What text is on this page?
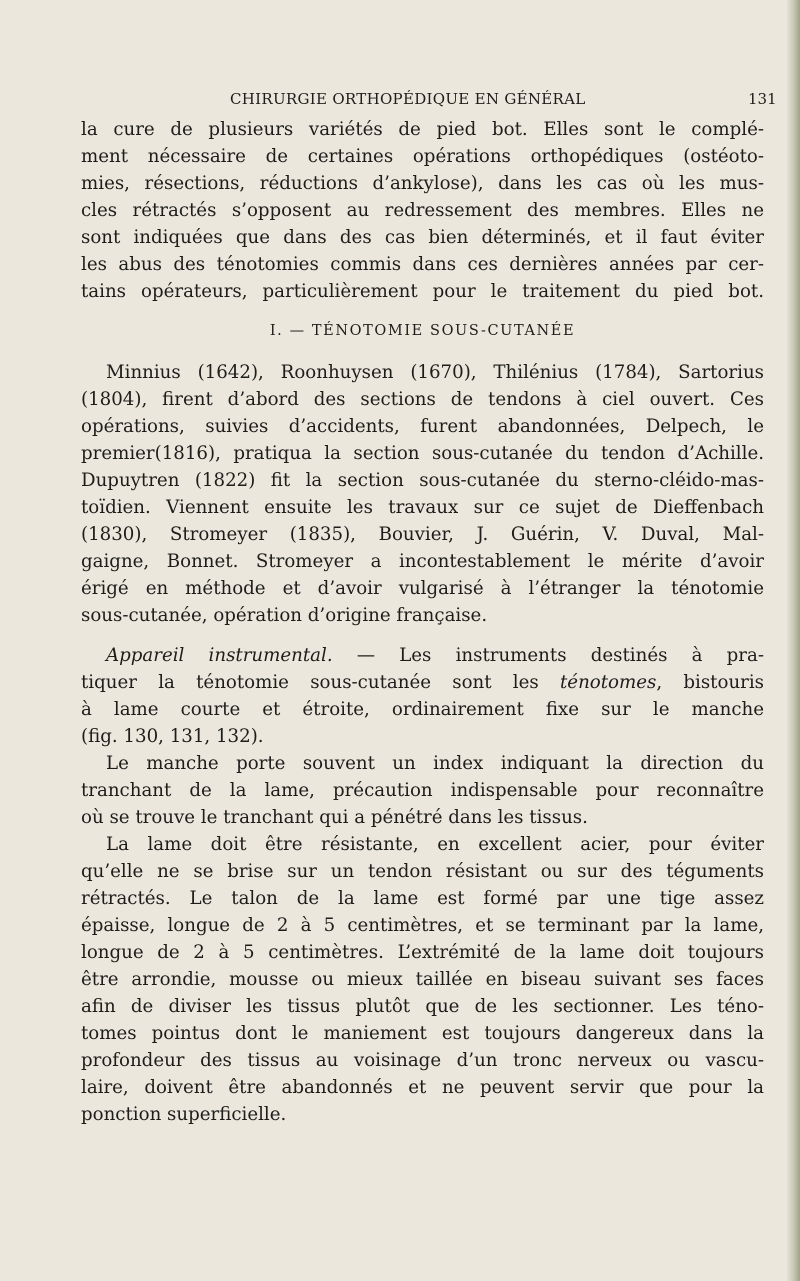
CHIRURGIE ORTHOPÉDIQUE EN GÉNÉRAL	131
la cure de plusieurs variétés de pied bot. Elles sont le complé-
ment nécessaire de certaines opérations orthopédiques (ostéoto-
mies, résections, réductions d’ankylose), dans les cas où les mus-
cles rétractés s’opposent au redressement des membres. Elles ne
sont indiquées que dans des cas bien déterminés, et il faut éviter
les abus des ténotomies commis dans ces dernières années par cer-
tains opérateurs, particulièrement pour le traitement du pied bot.
I. — TÉNOTOMIE SOUS-CUTANÉE
Minnius (1642), Roonhuysen (1670), Thilénius (1784), Sartorius
(1804), firent d’abord des sections de tendons à ciel ouvert. Ces
opérations, suivies d’accidents, furent abandonnées, Delpech, le
premier(1816), pratiqua la section sous-cutanée du tendon d’Achille.
Dupuytren (1822) fit la section sous-cutanée du sterno-cléido-mas-
toïdien. Viennent ensuite les travaux sur ce sujet de Dieffenbach
(1830), Stromeyer (1835), Bouvier, J. Guérin, V. Duval, Mal-
gaigne, Bonnet. Stromeyer a incontestablement le mérite d’avoir
érigé en méthode et d’avoir vulgarisé à l’étranger la ténotomie
sous-cutanée, opération d’origine française.
Appareil instrumental. — Les instruments destinés à pra-
tiquer la ténotomie sous-cutanée sont les ténotomes, bistouris
à lame courte et étroite, ordinairement fixe sur le manche
(fig. 130, 131, 132).
Le manche porte souvent un index indiquant la direction du
tranchant de la lame, précaution indispensable pour reconnaître
où se trouve le tranchant qui a pénétré dans les tissus.
La lame doit être résistante, en excellent acier, pour éviter
qu’elle ne se brise sur un tendon résistant ou sur des téguments
rétractés. Le talon de la lame est formé par une tige assez
épaisse, longue de 2 à 5 centimètres, et se terminant par la lame,
longue de 2 à 5 centimètres. L’extrémité de la lame doit toujours
être arrondie, mousse ou mieux taillée en biseau suivant ses faces
afin de diviser les tissus plutôt que de les sectionner. Les téno-
tomes pointus dont le maniement est toujours dangereux dans la
profondeur des tissus au voisinage d’un tronc nerveux ou vascu-
laire, doivent être abandonnés et ne peuvent servir que pour la
ponction superficielle.
